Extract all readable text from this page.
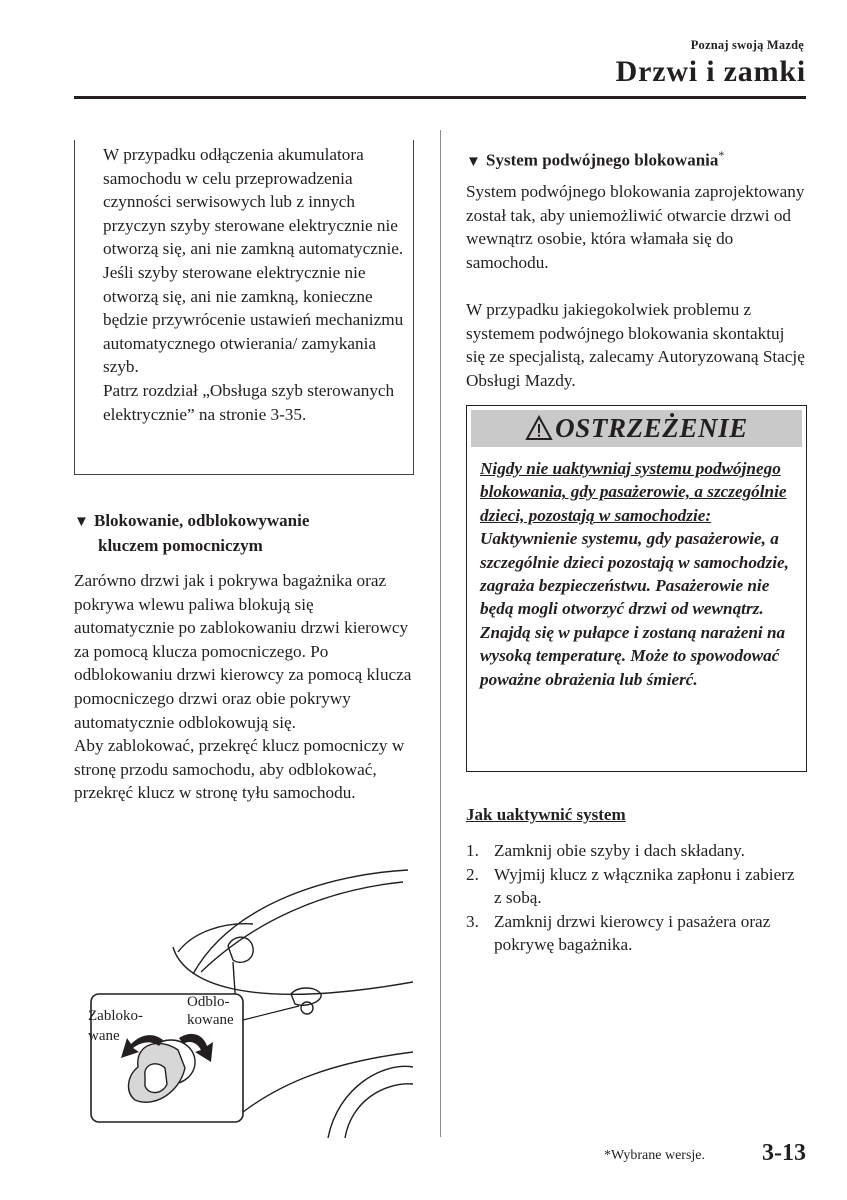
Poznaj swoją Mazdę
Drzwi i zamki

W przypadku odłączenia akumulatora samochodu w celu przeprowadzenia czynności serwisowych lub z innych przyczyn szyby sterowane elektrycznie nie otworzą się, ani nie zamkną automatycznie. Jeśli szyby sterowane elektrycznie nie otworzą się, ani nie zamkną, konieczne będzie przywrócenie ustawień mechanizmu automatycznego otwierania/ zamykania szyb.

Patrz rozdział „Obsługa szyb sterowanych elektrycznie” na stronie 3-35.

▼ Blokowanie, odblokowywanie
kluczem pomocniczym

Zarówno drzwi jak i pokrywa bagażnika oraz pokrywa wlewu paliwa blokują się automatycznie po zablokowaniu drzwi kierowcy za pomocą klucza pomocniczego. Po odblokowaniu drzwi kierowcy za pomocą klucza pomocniczego drzwi oraz obie pokrywy automatycznie odblokowują się.

Aby zablokować, przekręć klucz pomocniczy w stronę przodu samochodu, aby odblokować, przekręć klucz w stronę tyłu samochodu.

Zabloko-
wane
Odblo-
kowane
▼ System podwójnego blokowania*

System podwójnego blokowania zaprojektowany został tak, aby uniemożliwić otwarcie drzwi od wewnątrz osobie, która włamała się do samochodu.

W przypadku jakiegokolwiek problemu z systemem podwójnego blokowania skontaktuj się ze specjalistą, zalecamy Autoryzowaną Stację Obsługi Mazdy.

OSTRZEŻENIE
Nigdy nie uaktywniaj systemu podwójnego blokowania, gdy pasażerowie, a szczególnie dzieci, pozostają w samochodzie: Uaktywnienie systemu, gdy pasażerowie, a szczególnie dzieci pozostają w samochodzie, zagraża bezpieczeństwu. Pasażerowie nie będą mogli otworzyć drzwi od wewnątrz. Znajdą się w pułapce i zostaną narażeni na wysoką temperaturę. Może to spowodować poważne obrażenia lub śmierć.
Jak uaktywnić system
1. Zamknij obie szyby i dach składany.
2. Wyjmij klucz z włącznika zapłonu i zabierz z sobą.
3. Zamknij drzwi kierowcy i pasażera oraz pokrywę bagażnika.
*Wybrane wersje. 3-13
